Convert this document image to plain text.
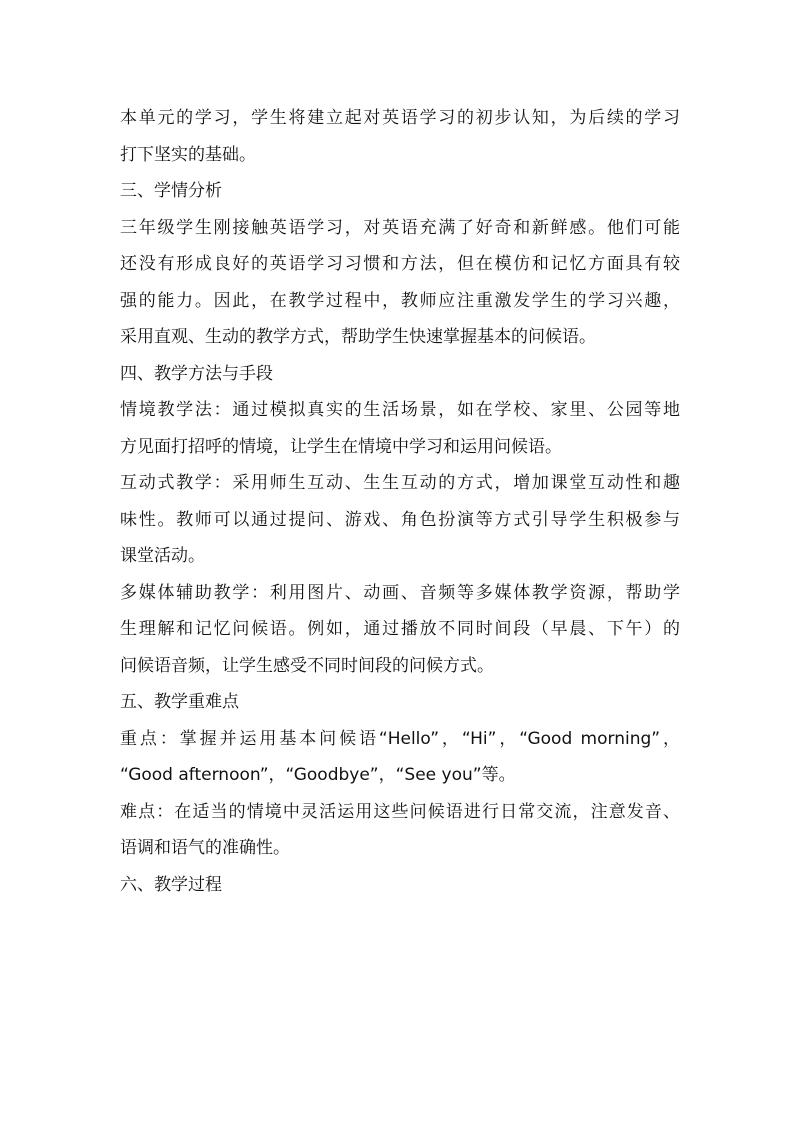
本单元的学习，学生将建立起对英语学习的初步认知，为后续的学习
打下坚实的基础。
三、学情分析
三年级学生刚接触英语学习，对英语充满了好奇和新鲜感。他们可能
还没有形成良好的英语学习习惯和方法，但在模仿和记忆方面具有较
强的能力。因此，在教学过程中，教师应注重激发学生的学习兴趣，
采用直观、生动的教学方式，帮助学生快速掌握基本的问候语。
四、教学方法与手段
情境教学法：通过模拟真实的生活场景，如在学校、家里、公园等地
方见面打招呼的情境，让学生在情境中学习和运用问候语。
互动式教学：采用师生互动、生生互动的方式，增加课堂互动性和趣
味性。教师可以通过提问、游戏、角色扮演等方式引导学生积极参与
课堂活动。
多媒体辅助教学：利用图片、动画、音频等多媒体教学资源，帮助学
生理解和记忆问候语。例如，通过播放不同时间段（早晨、下午）的
问候语音频，让学生感受不同时间段的问候方式。
五、教学重难点
重点：掌握并运用基本问候语“Hello”，“Hi”，“Good morning”，
“Good afternoon”，“Goodbye”，“See you”等。
难点：在适当的情境中灵活运用这些问候语进行日常交流，注意发音、
语调和语气的准确性。
六、教学过程
